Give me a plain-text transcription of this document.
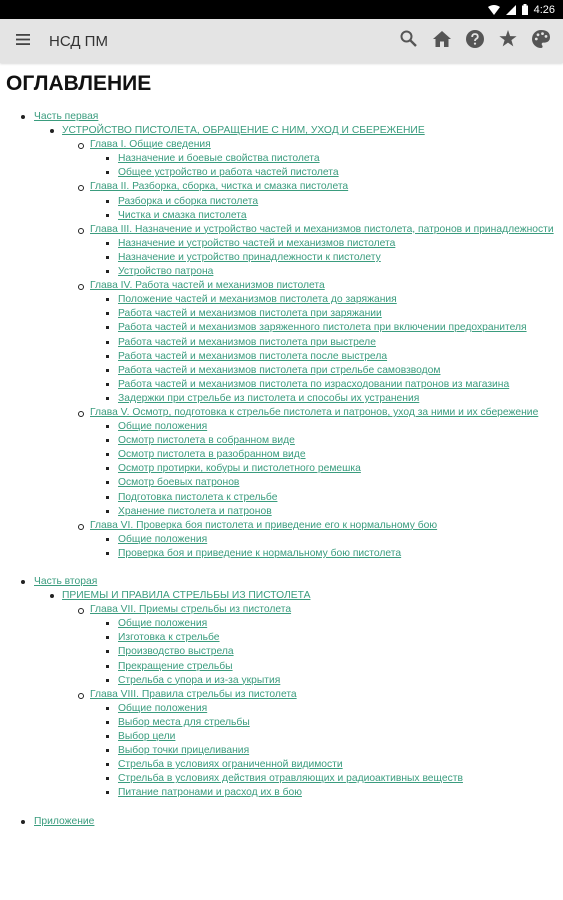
4:26
НСД ПМ
ОГЛАВЛЕНИЕ
Часть первая
УСТРОЙСТВО ПИСТОЛЕТА, ОБРАЩЕНИЕ С НИМ, УХОД И СБЕРЕЖЕНИЕ
Глава I. Общие сведения
Назначение и боевые свойства пистолета
Общее устройство и работа частей пистолета
Глава II. Разборка, сборка, чистка и смазка пистолета
Разборка и сборка пистолета
Чистка и смазка пистолета
Глава III. Назначение и устройство частей и механизмов пистолета, патронов и принадлежности
Назначение и устройство частей и механизмов пистолета
Назначение и устройство принадлежности к пистолету
Устройство патрона
Глава IV. Работа частей и механизмов пистолета
Положение частей и механизмов пистолета до заряжания
Работа частей и механизмов пистолета при заряжании
Работа частей и механизмов заряженного пистолета при включении предохранителя
Работа частей и механизмов пистолета при выстреле
Работа частей и механизмов пистолета после выстрела
Работа частей и механизмов пистолета при стрельбе самовзводом
Работа частей и механизмов пистолета по израсходовании патронов из магазина
Задержки при стрельбе из пистолета и способы их устранения
Глава V. Осмотр, подготовка к стрельбе пистолета и патронов, уход за ними и их сбережение
Общие положения
Осмотр пистолета в собранном виде
Осмотр пистолета в разобранном виде
Осмотр протирки, кобуры и пистолетного ремешка
Осмотр боевых патронов
Подготовка пистолета к стрельбе
Хранение пистолета и патронов
Глава VI. Проверка боя пистолета и приведение его к нормальному бою
Общие положения
Проверка боя и приведение к нормальному бою пистолета
Часть вторая
ПРИЕМЫ И ПРАВИЛА СТРЕЛЬБЫ ИЗ ПИСТОЛЕТА
Глава VII. Приемы стрельбы из пистолета
Общие положения
Изготовка к стрельбе
Производство выстрела
Прекращение стрельбы
Стрельба с упора и из-за укрытия
Глава VIII. Правила стрельбы из пистолета
Общие положения
Выбор места для стрельбы
Выбор цели
Выбор точки прицеливания
Стрельба в условиях ограниченной видимости
Стрельба в условиях действия отравляющих и радиоактивных веществ
Питание патронами и расход их в бою
Приложение
